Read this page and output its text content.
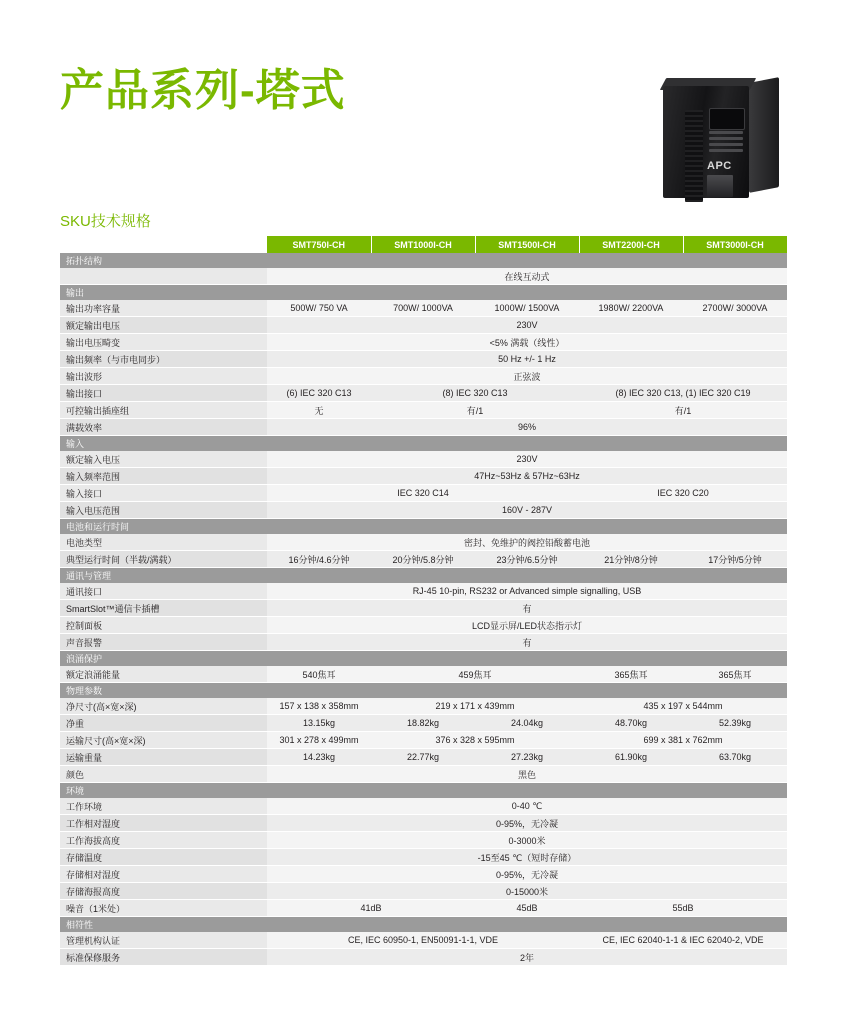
产品系列-塔式
APC
SKU技术规格
	SMT750I-CH	SMT1000I-CH	SMT1500I-CH	SMT2200I-CH	SMT3000I-CH
拓扑结构					
	在线互动式				
输出					
输出功率容量	500W/ 750 VA	700W/ 1000VA	1000W/ 1500VA	1980W/ 2200VA	2700W/ 3000VA
额定输出电压	230V				
输出电压畸变	<5% 满载（线性）				
输出频率（与市电同步）	50 Hz +/- 1 Hz				
输出波形	正弦波				
输出接口	(6) IEC 320 C13	(8) IEC 320 C13		(8) IEC 320 C13, (1) IEC 320 C19	
可控输出插座组	无	有/1		有/1	
满载效率	96%				
输入					
额定输入电压	230V				
输入频率范围	47Hz~53Hz & 57Hz~63Hz				
输入接口	IEC 320 C14			IEC 320 C20	
输入电压范围	160V - 287V				
电池和运行时间					
电池类型	密封、免维护的阀控铅酸蓄电池				
典型运行时间（半载/满载）	16分钟/4.6分钟	20分钟/5.8分钟	23分钟/6.5分钟	21分钟/8分钟	17分钟/5分钟
通讯与管理					
通讯接口	RJ-45 10-pin, RS232 or Advanced simple signalling, USB				
SmartSlot™通信卡插槽	有				
控制面板	LCD显示屏/LED状态指示灯				
声音报警	有				
浪涌保护					
额定浪涌能量	540焦耳	459焦耳		365焦耳	365焦耳
物理参数					
净尺寸(高×宽×深)	157 x 138 x 358mm	219 x 171 x 439mm		435 x 197 x 544mm	
净重	13.15kg	18.82kg	24.04kg	48.70kg	52.39kg
运输尺寸(高×宽×深)	301 x 278 x 499mm	376 x 328 x 595mm		699 x 381 x 762mm	
运输重量	14.23kg	22.77kg	27.23kg	61.90kg	63.70kg
颜色	黑色				
环境					
工作环境	0-40 ℃				
工作相对湿度	0-95%，无冷凝				
工作海拔高度	0-3000米				
存储温度	-15至45 ℃（短时存储）				
存储相对湿度	0-95%，无冷凝				
存储海报高度	0-15000米				
噪音（1米处）	41dB		45dB	55dB	
相符性					
管理机构认证	CE, IEC 60950-1, EN50091-1-1, VDE			CE, IEC 62040-1-1 & IEC 62040-2, VDE	
标准保修服务	2年				
